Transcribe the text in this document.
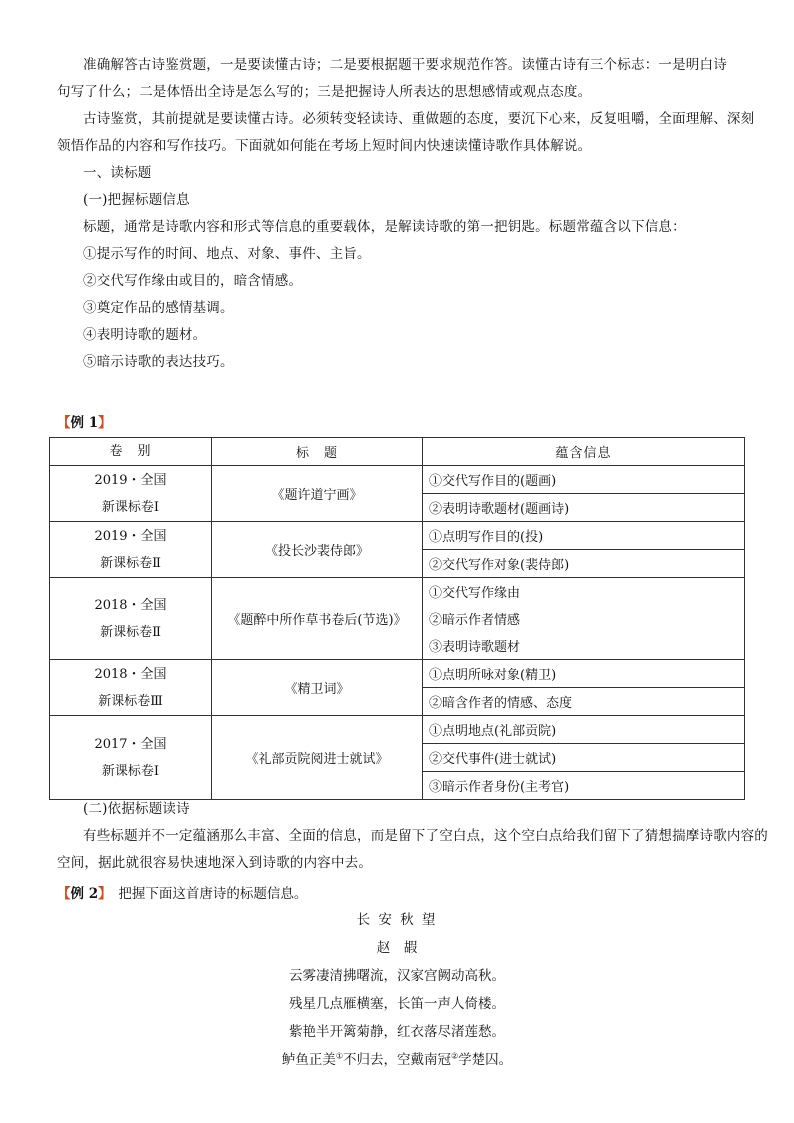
准确解答古诗鉴赏题，一是要读懂古诗；二是要根据题干要求规范作答。读懂古诗有三个标志：一是明白诗
句写了什么；二是体悟出全诗是怎么写的；三是把握诗人所表达的思想感情或观点态度。
古诗鉴赏，其前提就是要读懂古诗。必须转变轻读诗、重做题的态度，要沉下心来，反复咀嚼，全面理解、深刻
领悟作品的内容和写作技巧。下面就如何能在考场上短时间内快速读懂诗歌作具体解说。
一、读标题
(一)把握标题信息
标题，通常是诗歌内容和形式等信息的重要载体，是解读诗歌的第一把钥匙。标题常蕴含以下信息：
①提示写作的时间、地点、对象、事件、主旨。
②交代写作缘由或目的，暗含情感。
③奠定作品的感情基调。
④表明诗歌的题材。
⑤暗示诗歌的表达技巧。
【例 1】
卷　别	标　题	蕴含信息
2019・全国
新课标卷Ⅰ	《题许道宁画》	①交代写作目的(题画)
		②表明诗歌题材(题画诗)
2019・全国
新课标卷Ⅱ	《投长沙裴侍郎》	①点明写作目的(投)
		②交代写作对象(裴侍郎)
2018・全国
新课标卷Ⅱ	《题醉中所作草书卷后(节选)》	①交代写作缘由
		②暗示作者情感
		③表明诗歌题材
2018・全国
新课标卷Ⅲ	《精卫词》	①点明所咏对象(精卫)
		②暗含作者的情感、态度
2017・全国
新课标卷Ⅰ	《礼部贡院阅进士就试》	①点明地点(礼部贡院)
		②交代事件(进士就试)
		③暗示作者身份(主考官)
(二)依据标题读诗
有些标题并不一定蕴涵那么丰富、全面的信息，而是留下了空白点，这个空白点给我们留下了猜想揣摩诗歌内容的
空间，据此就很容易快速地深入到诗歌的内容中去。
【例 2】　把握下面这首唐诗的标题信息。
长 安 秋 望
赵　嘏
云雾凄清拂曙流，汉家宫阙动高秋。
残星几点雁横塞，长笛一声人倚楼。
紫艳半开篱菊静，红衣落尽渚莲愁。
鲈鱼正美①不归去，空戴南冠②学楚囚。
